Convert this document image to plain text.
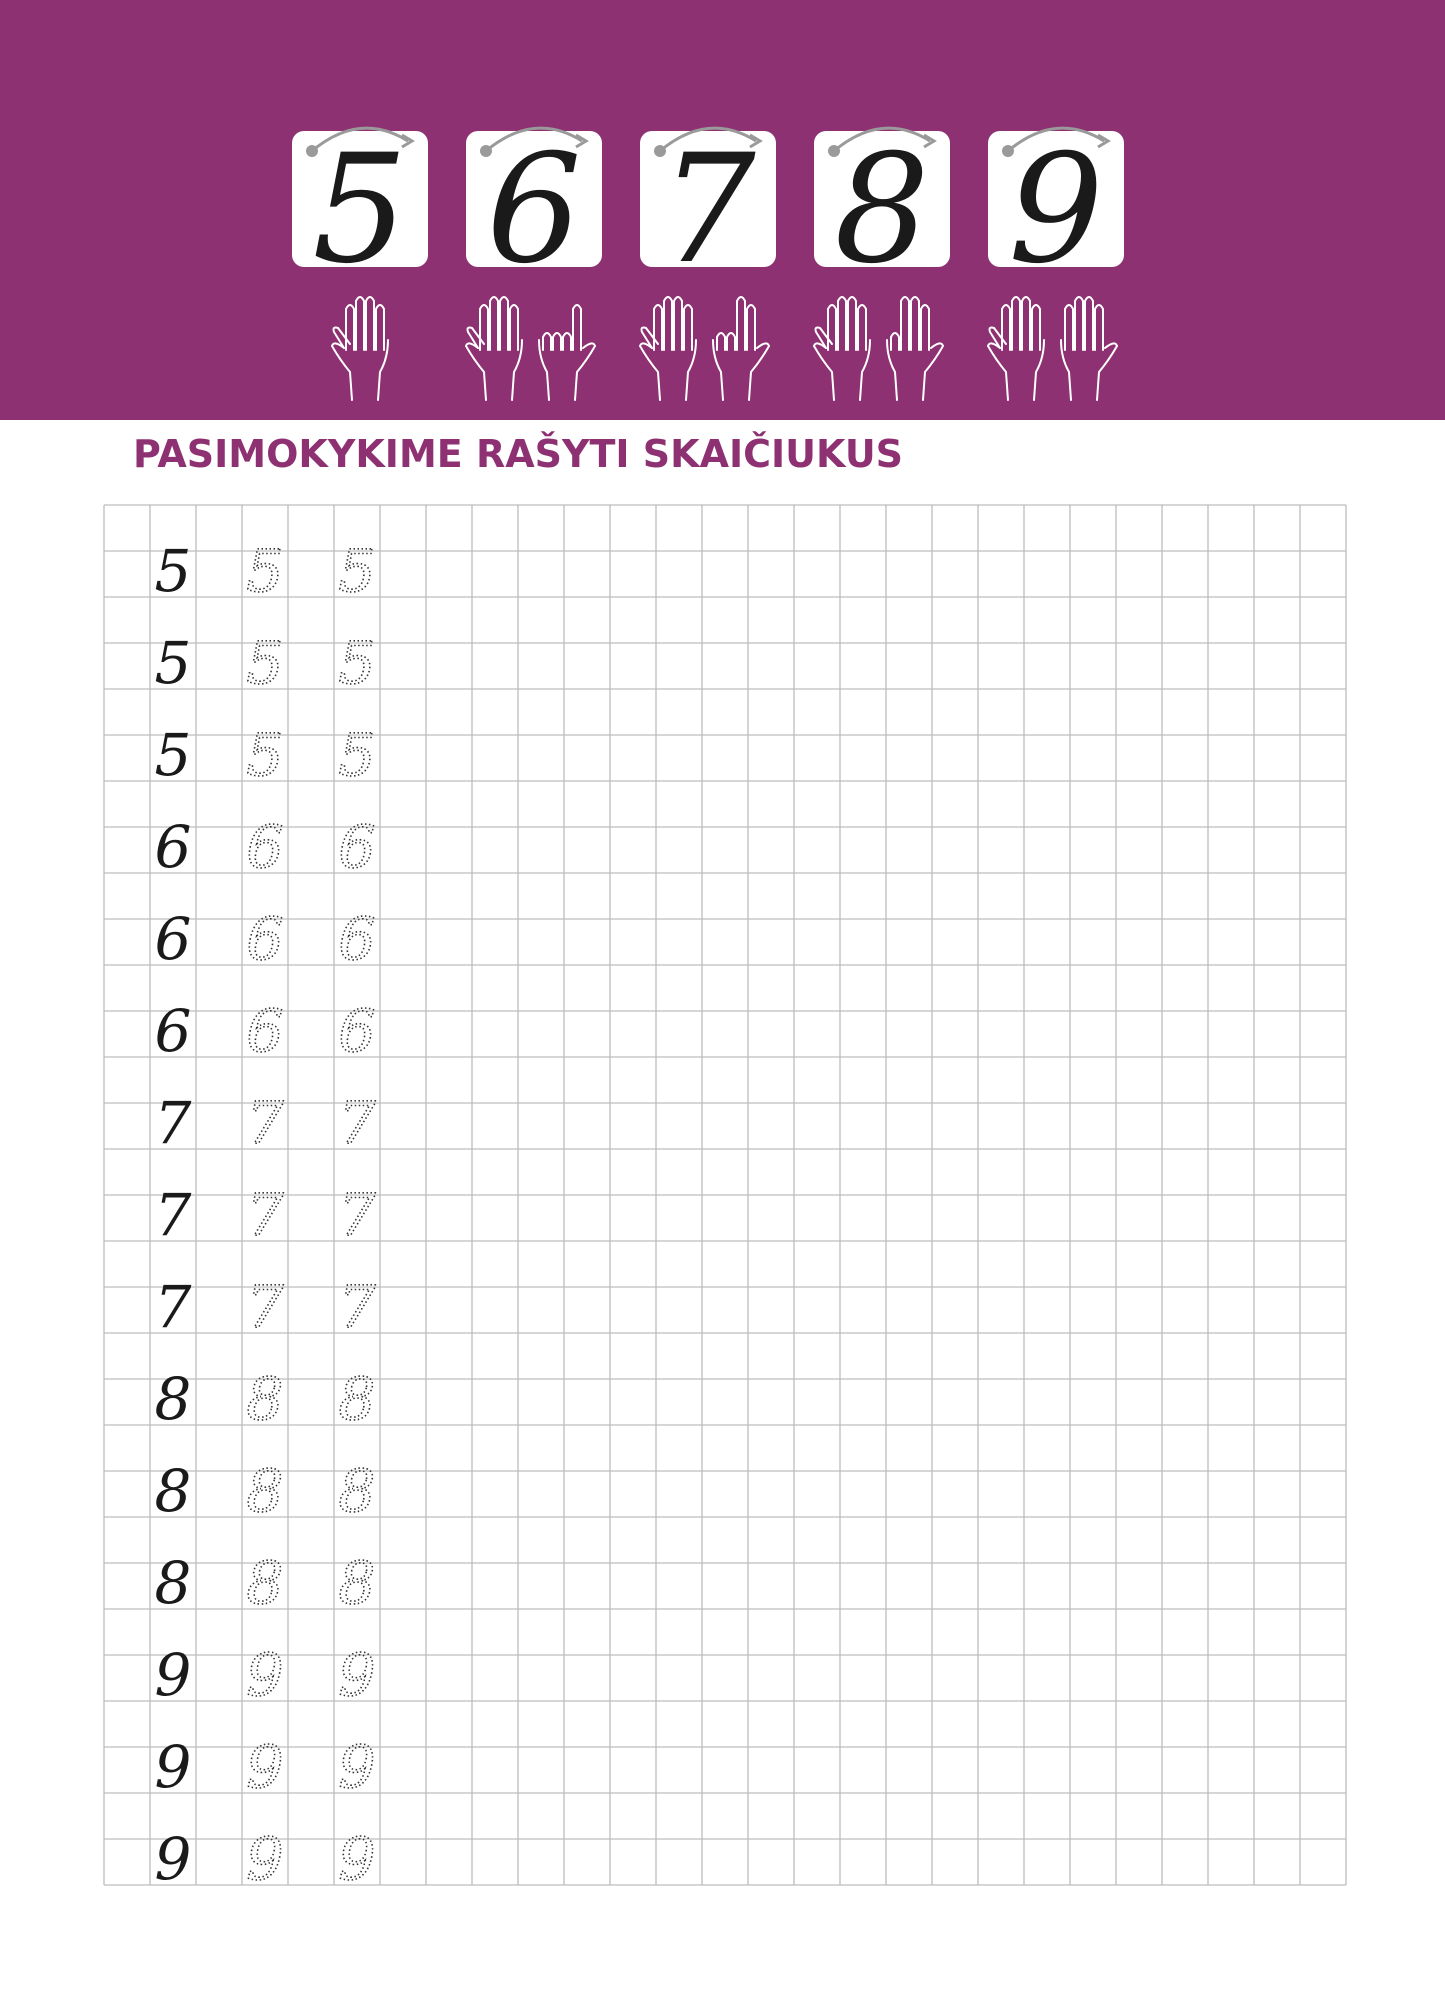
5 6 7 8 9
PASIMOKYKIME RAŠYTI SKAIČIUKUS
5 5 5
5 5 5
5 5 5
6 6 6
6 6 6
6 6 6
7 7 7
7 7 7
7 7 7
8 8 8
8 8 8
8 8 8
9 9 9
9 9 9
9 9 9
